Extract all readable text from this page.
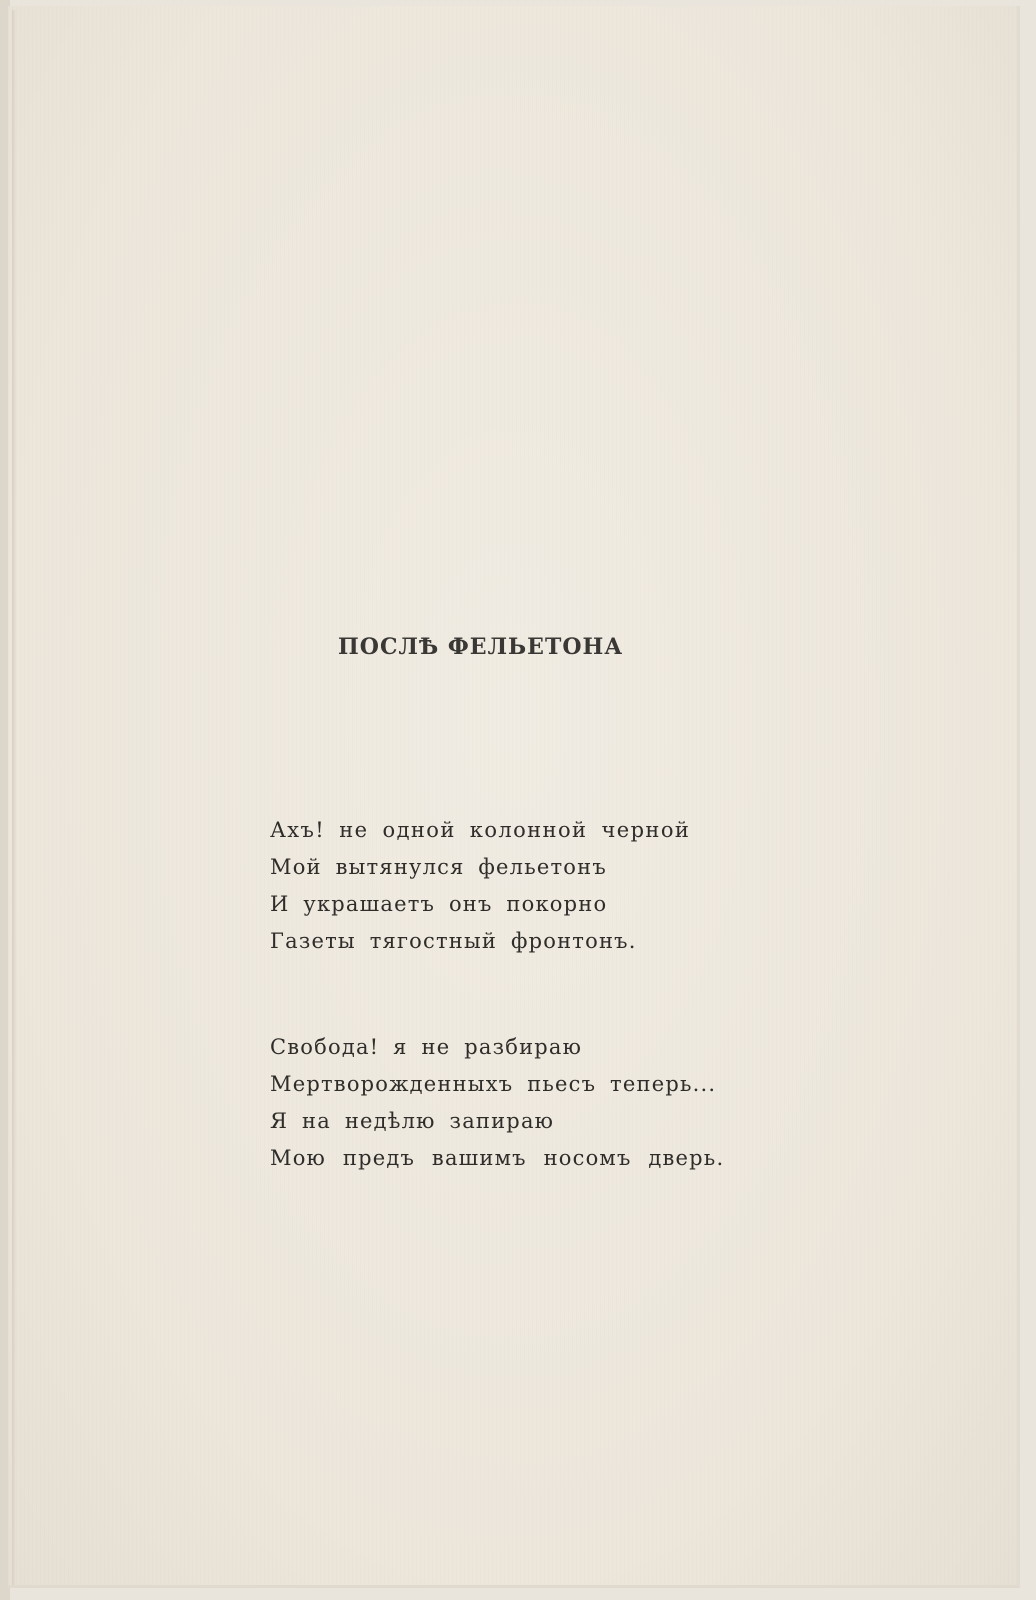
ПОСЛѢ ФЕЛЬЕТОНА
Ахъ! не одной колонной черной
Мой вытянулся фельетонъ
И украшаетъ онъ покорно
Газеты тягостный фронтонъ.
Свобода! я не разбираю
Мертворожденныхъ пьесъ теперь...
Я на недѣлю запираю
Мою предъ вашимъ носомъ дверь.
